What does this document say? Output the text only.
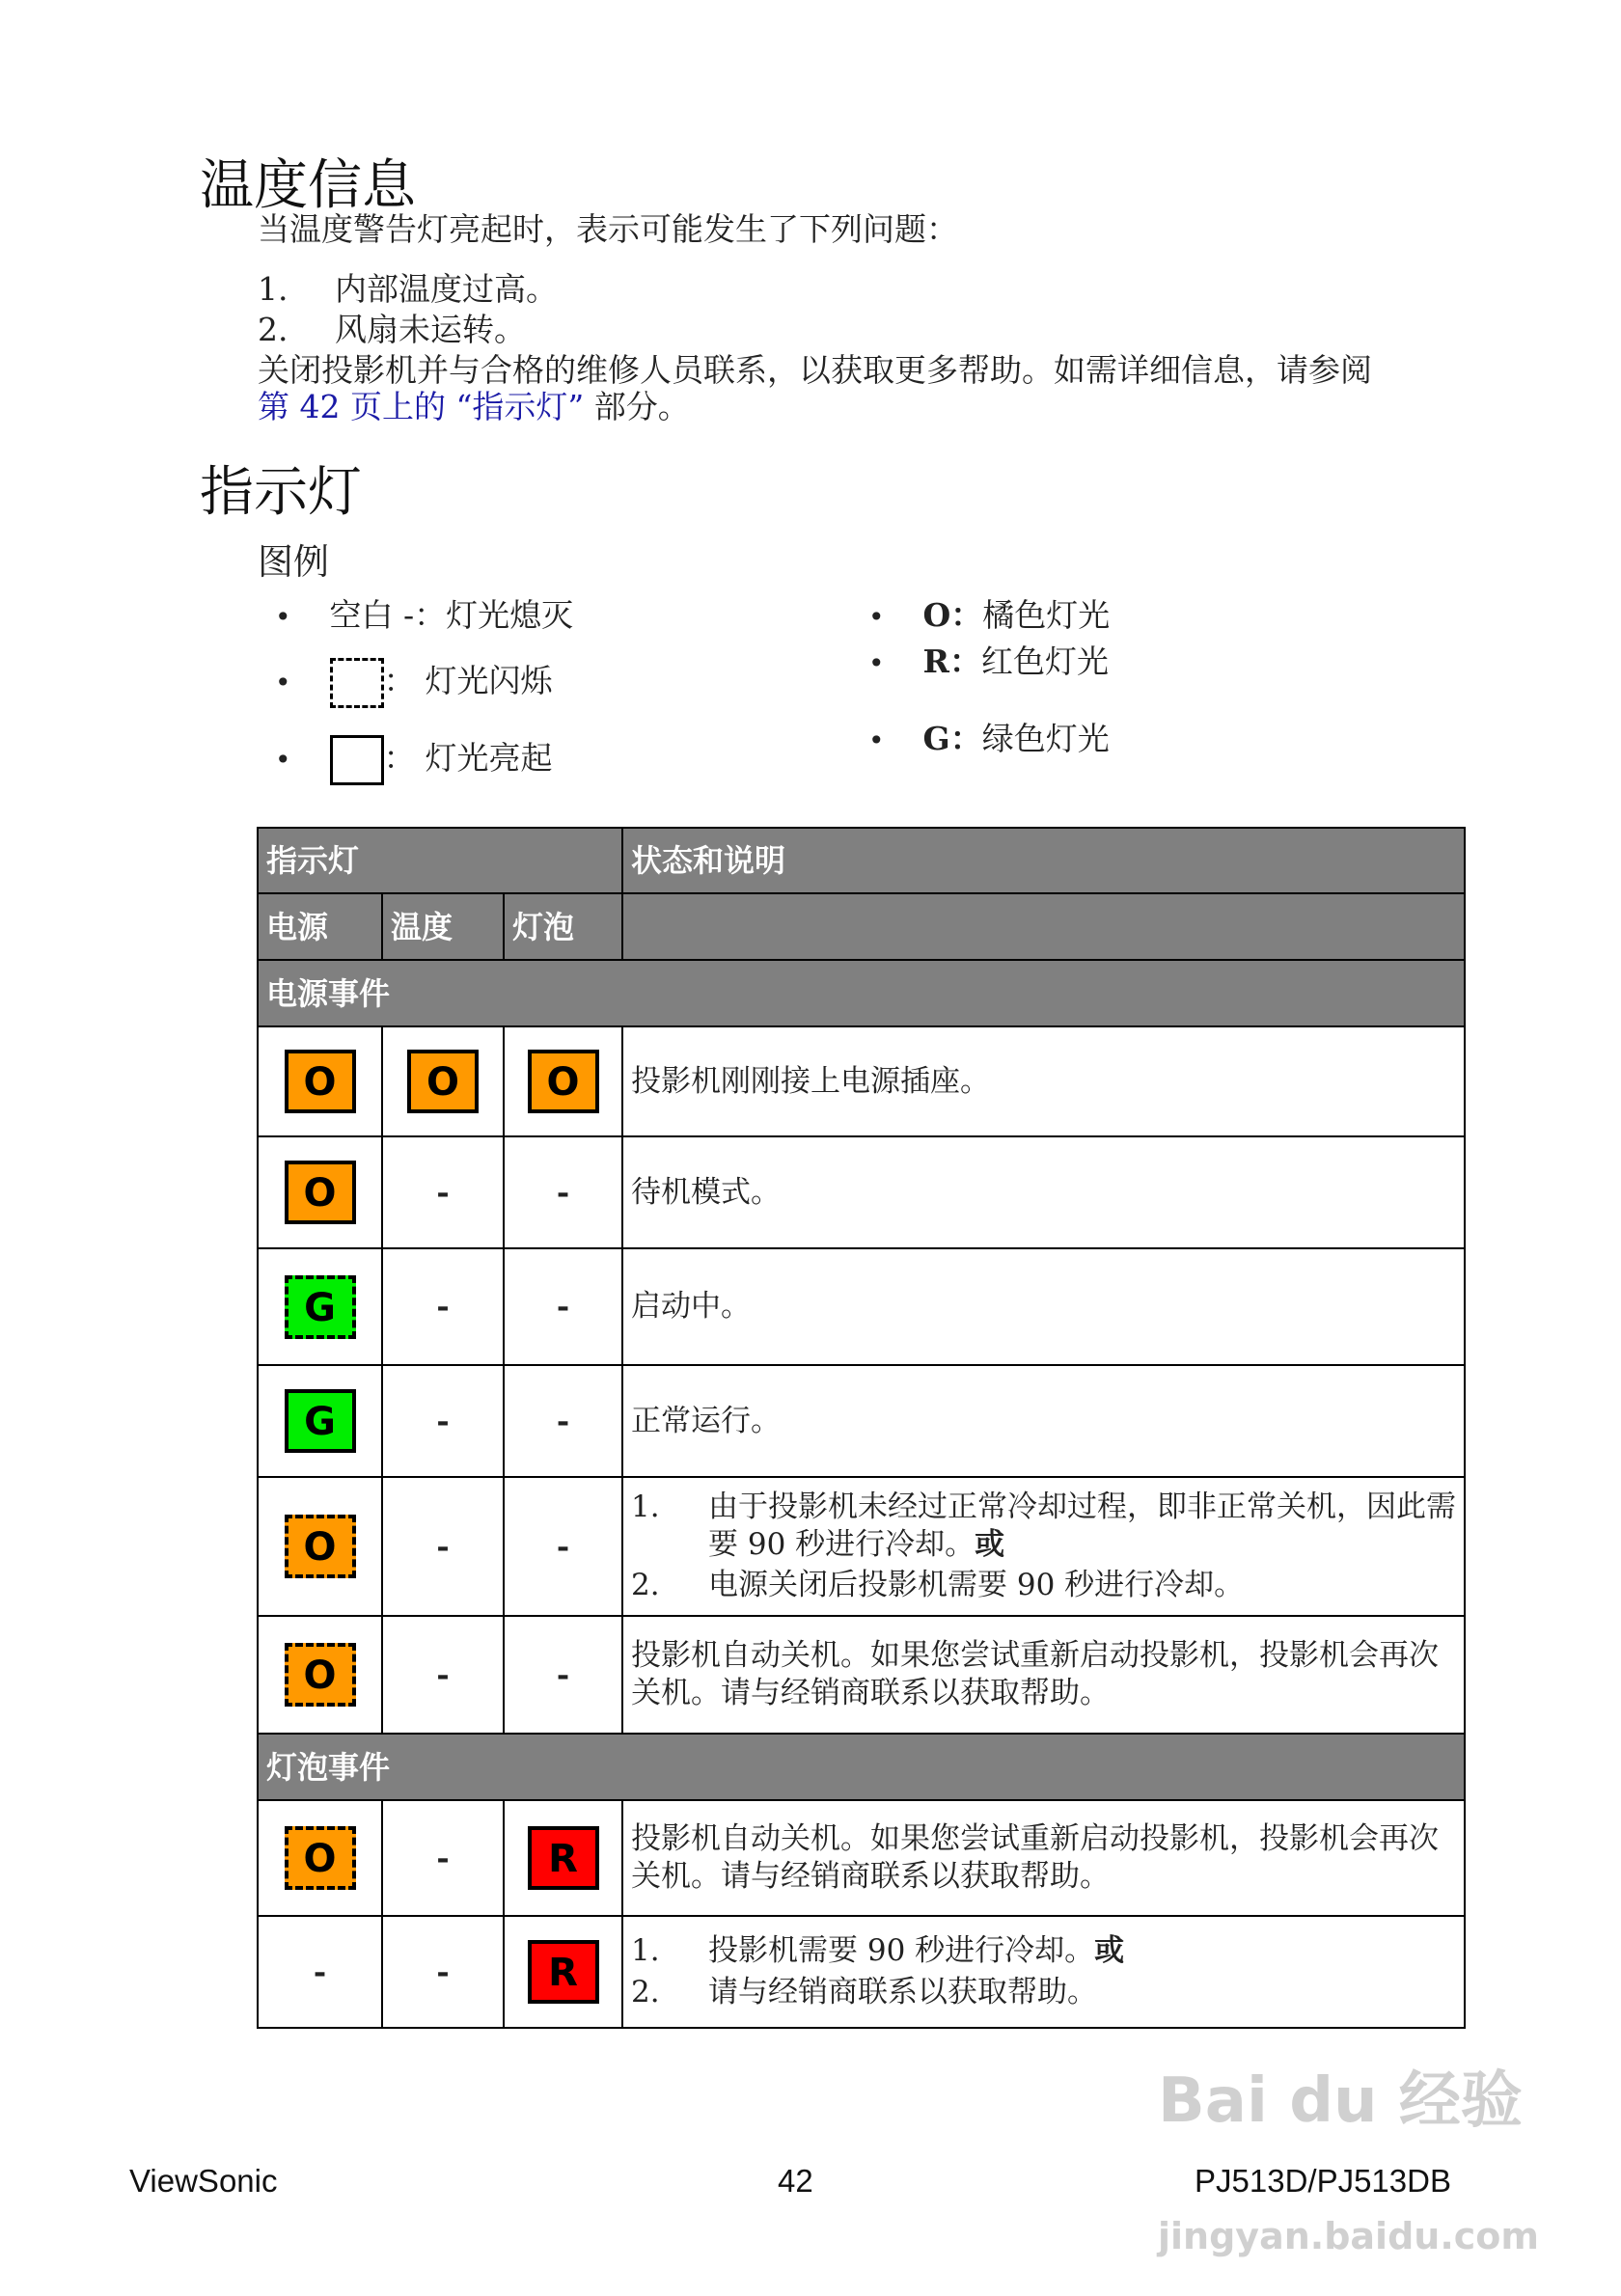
温度信息
当温度警告灯亮起时，表示可能发生了下列问题：
1.	内部温度过高。
2.	风扇未运转。
关闭投影机并与合格的维修人员联系，以获取更多帮助。如需详细信息，请参阅
第 42 页上的 “指示灯” 部分。
指示灯
图例
• 空白 -：灯光熄灭
•	： 灯光闪烁
•	： 灯光亮起
• O：橘色灯光
• R：红色灯光
• G：绿色灯光
指示灯			状态和说明
电源	温度	灯泡	
电源事件			
O	O	O	投影机刚刚接上电源插座。
O	-	-	待机模式。
G	-	-	启动中。
G	-	-	正常运行。
O	-	-	1. 由于投影机未经过正常冷却过程，即非正常关机，因此需要 90 秒进行冷却。或
2. 电源关闭后投影机需要 90 秒进行冷却。

O	-	-	投影机自动关机。如果您尝试重新启动投影机，投影机会再次关机。请与经销商联系以获取帮助。
灯泡事件			
O	-	R	投影机自动关机。如果您尝试重新启动投影机，投影机会再次关机。请与经销商联系以获取帮助。
-	-	R	1. 投影机需要 90 秒进行冷却。或
2. 请与经销商联系以获取帮助。
Bai du 经验
ViewSonic	42	PJ513D/PJ513DB
jingyan.baidu.com
